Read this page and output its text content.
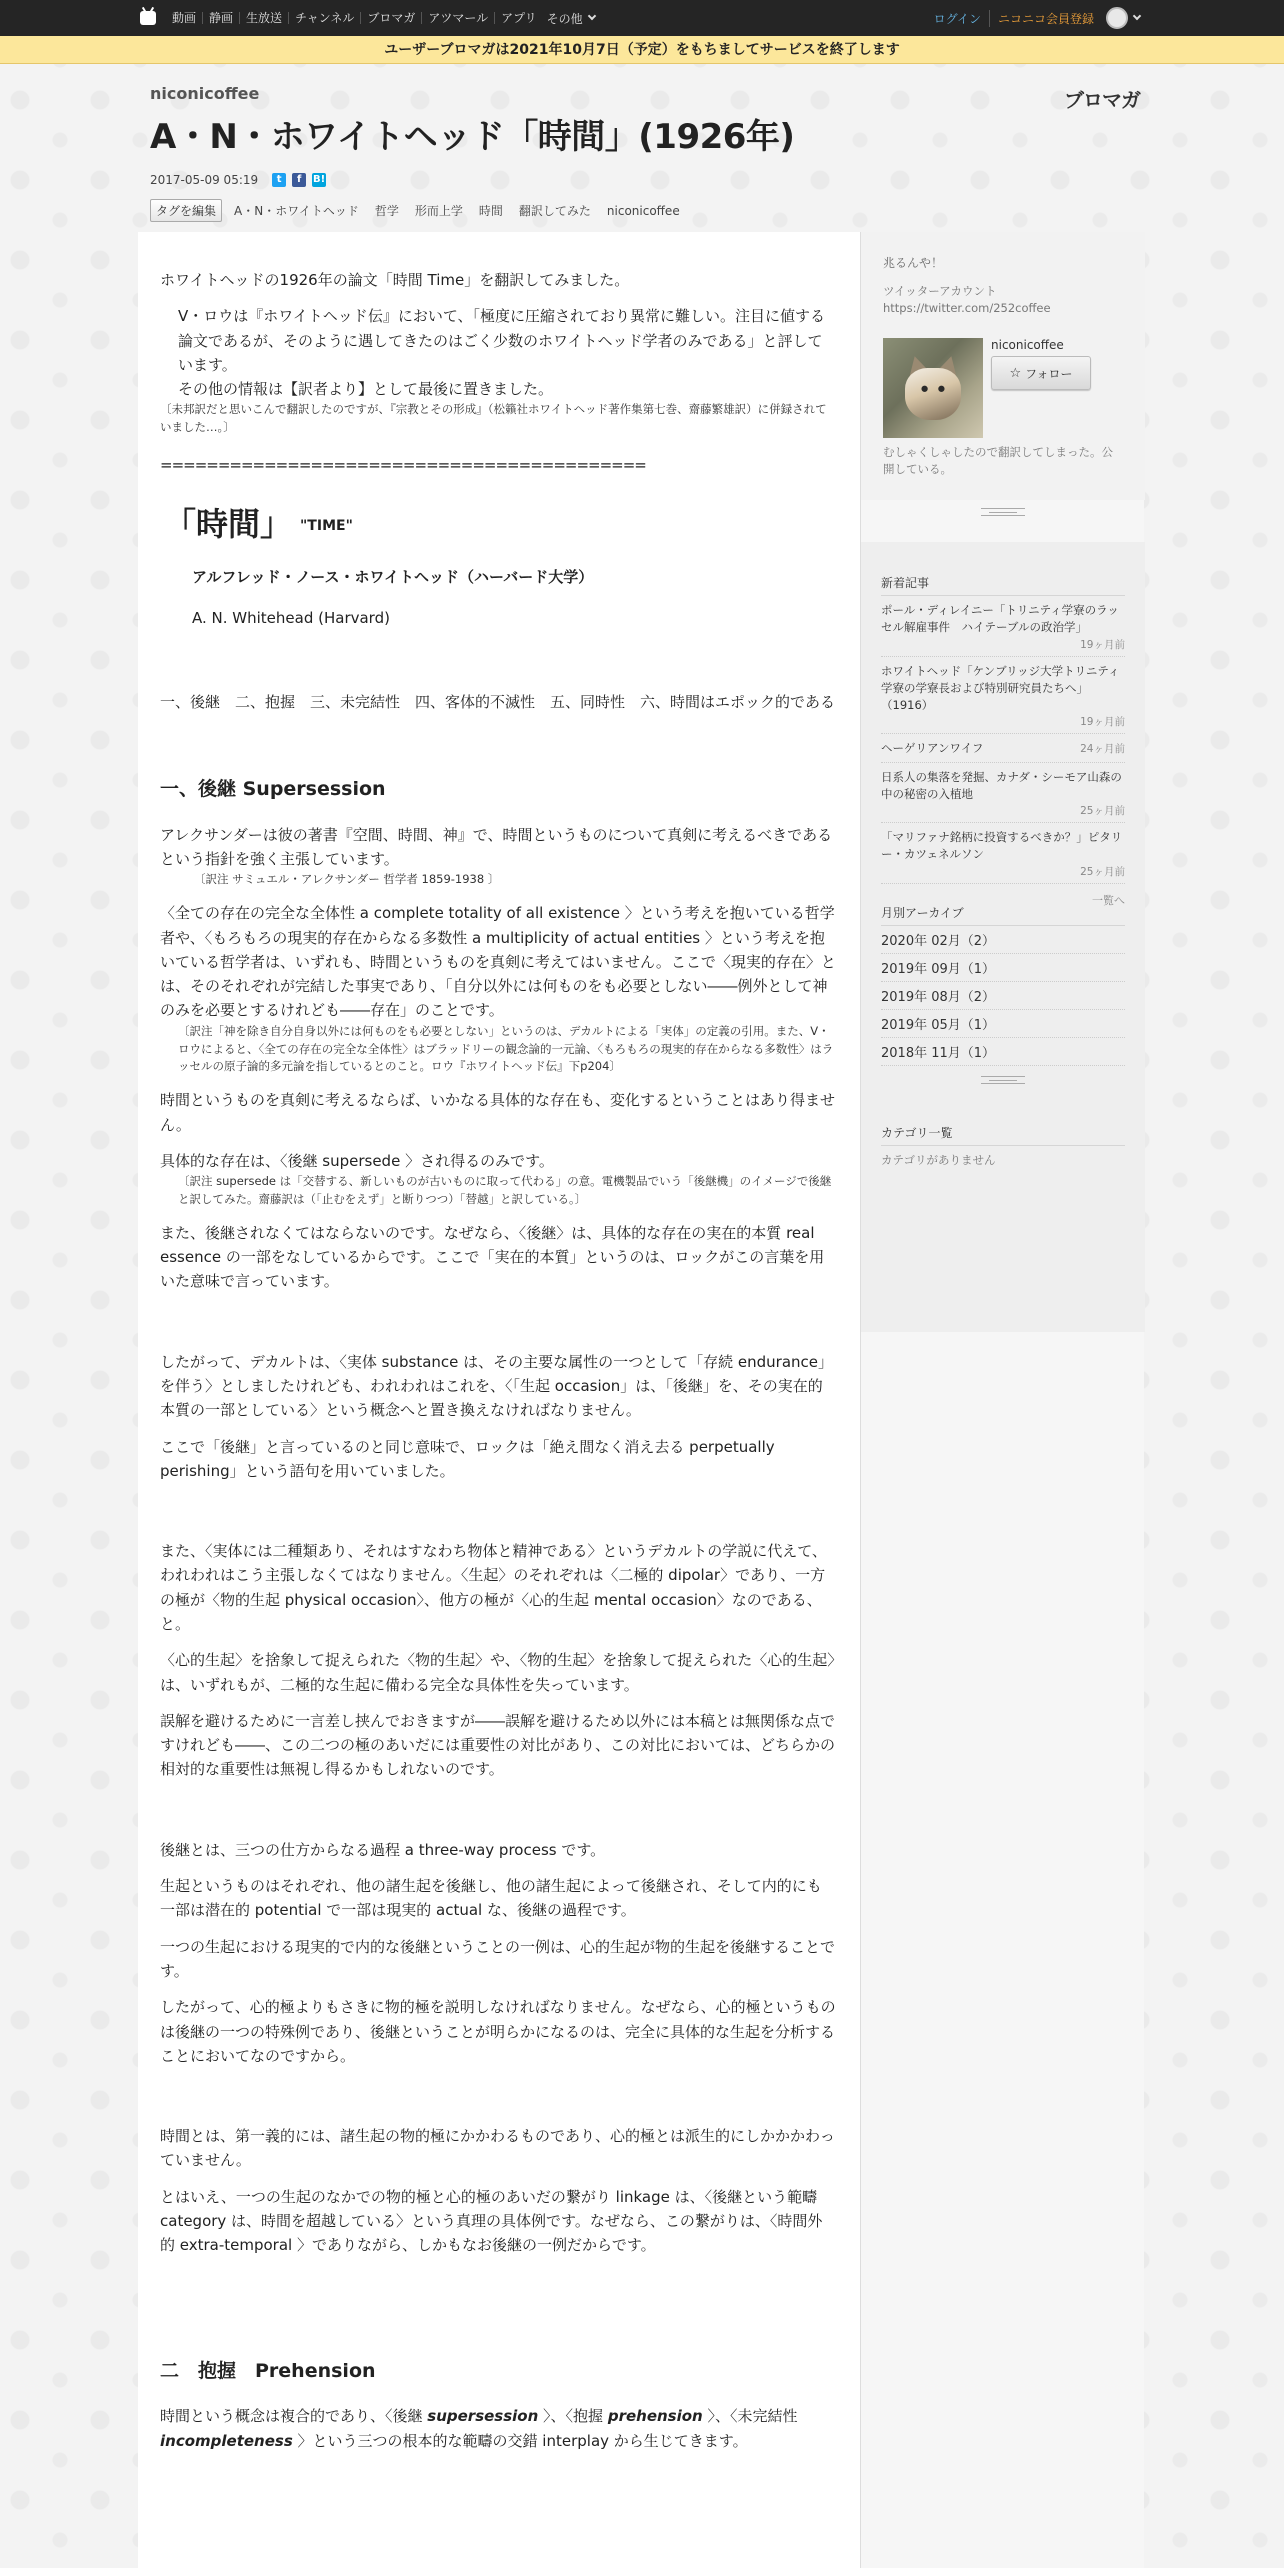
動画	静画	生放送	チャンネル	ブロマガ	アツマール	アプリ その他	ログイン	ニコニコ会員登録
ユーザーブロマガは2021年10月7日（予定）をもちましてサービスを終了します
niconicoffee
A・N・ホワイトヘッド「時間」(1926年)
ブロマガ
2017-05-09 05:19	t	f	B!
タグを編集	A・N・ホワイトヘッド 哲学 形而上学 時間 翻訳してみた niconicoffee

ホワイトヘッドの1926年の論文「時間 Time」を翻訳してみました。

V・ロウは『ホワイトヘッド伝』において、「極度に圧縮されており異常に難しい。注目に値する論文であるが、そのように遇してきたのはごく少数のホワイトヘッド学者のみである」と評しています。

その他の情報は【訳者より】として最後に置きました。

〔未邦訳だと思いこんで翻訳したのですが、『宗教とその形成』（松籟社ホワイトヘッド著作集第七巻、齋藤繁雄訳）に併録されていました…。〕

==========================================

「時間」 "TIME"

アルフレッド・ノース・ホワイトヘッド（ハーバード大学）

A. N. Whitehead (Harvard)

一、後継　二、抱握　三、未完結性　四、客体的不滅性　五、同時性　六、時間はエポック的である

一、後継 Supersession

アレクサンダーは彼の著書『空間、時間、神』で、時間というものについて真剣に考えるべきであるという指針を強く主張しています。

〔訳注 サミュエル・アレクサンダー 哲学者 1859-1938 〕

〈全ての存在の完全な全体性 a complete totality of all existence 〉という考えを抱いている哲学者や、〈もろもろの現実的存在からなる多数性 a multiplicity of actual entities 〉という考えを抱いている哲学者は、いずれも、時間というものを真剣に考えてはいません。ここで〈現実的存在〉とは、そのそれぞれが完結した事実であり、「自分以外には何ものをも必要としない――例外として神のみを必要とするけれども――存在」のことです。

〔訳注「神を除き自分自身以外には何ものをも必要としない」というのは、デカルトによる「実体」の定義の引用。また、V・ロウによると、〈全ての存在の完全な全体性〉はブラッドリーの観念論的一元論、〈もろもろの現実的存在からなる多数性〉はラッセルの原子論的多元論を指しているとのこと。ロウ『ホワイトヘッド伝』下p204〕

時間というものを真剣に考えるならば、いかなる具体的な存在も、変化するということはあり得ません。

具体的な存在は、〈後継 supersede 〉され得るのみです。

〔訳注 supersede は「交替する、新しいものが古いものに取って代わる」の意。電機製品でいう「後継機」のイメージで後継と訳してみた。齋藤訳は（「止むをえず」と断りつつ）「替越」と訳している。〕

また、後継されなくてはならないのです。なぜなら、〈後継〉は、具体的な存在の実在的本質 real essence の一部をなしているからです。ここで「実在的本質」というのは、ロックがこの言葉を用いた意味で言っています。

したがって、デカルトは、〈実体 substance は、その主要な属性の一つとして「存続 endurance」を伴う〉としましたけれども、われわれはこれを、〈「生起 occasion」は、「後継」を、その実在的本質の一部としている〉という概念へと置き換えなければなりません。

ここで「後継」と言っているのと同じ意味で、ロックは「絶え間なく消え去る perpetually perishing」という語句を用いていました。

また、〈実体には二種類あり、それはすなわち物体と精神である〉というデカルトの学説に代えて、われわれはこう主張しなくてはなりません。〈生起〉のそれぞれは〈二極的 dipolar〉であり、一方の極が〈物的生起 physical occasion〉、他方の極が〈心的生起 mental occasion〉なのである、と。

〈心的生起〉を捨象して捉えられた〈物的生起〉や、〈物的生起〉を捨象して捉えられた〈心的生起〉は、いずれもが、二極的な生起に備わる完全な具体性を失っています。

誤解を避けるために一言差し挟んでおきますが――誤解を避けるため以外には本稿とは無関係な点ですけれども――、この二つの極のあいだには重要性の対比があり、この対比においては、どちらかの相対的な重要性は無視し得るかもしれないのです。

後継とは、三つの仕方からなる過程 a three-way process です。

生起というものはそれぞれ、他の諸生起を後継し、他の諸生起によって後継され、そして内的にも一部は潜在的 potential で一部は現実的 actual な、後継の過程です。

一つの生起における現実的で内的な後継ということの一例は、心的生起が物的生起を後継することです。

したがって、心的極よりもさきに物的極を説明しなければなりません。なぜなら、心的極というものは後継の一つの特殊例であり、後継ということが明らかになるのは、完全に具体的な生起を分析することにおいてなのですから。

時間とは、第一義的には、諸生起の物的極にかかわるものであり、心的極とは派生的にしかかかわっていません。

とはいえ、一つの生起のなかでの物的極と心的極のあいだの繋がり linkage は、〈後継という範疇 category は、時間を超越している〉という真理の具体例です。なぜなら、この繋がりは、〈時間外的 extra-temporal 〉でありながら、しかもなお後継の一例だからです。

二　抱握　Prehension

時間という概念は複合的であり、〈後継 supersession 〉、〈抱握 prehension 〉、〈未完結性 incompleteness 〉という三つの根本的な範疇の交錯 interplay から生じてきます。

兆るんや！
ツイッターアカウント https://twitter.com/252coffee
niconicoffee
☆ フォロー
むしゃくしゃしたので翻訳してしまった。公開している。
新着記事
ポール・ディレイニー「トリニティ学寮のラッセル解雇事件　ハイテーブルの政治学」
19ヶ月前
ホワイトヘッド「ケンブリッジ大学トリニティ学寮の学寮長および特別研究員たちへ」（1916）
19ヶ月前
ヘーゲリアンワイフ	24ヶ月前
日系人の集落を発掘、カナダ・シーモア山森の中の秘密の入植地
25ヶ月前
「マリファナ銘柄に投資するべきか？」ピタリー・カツェネルソン
25ヶ月前
一覧へ
月別アーカイブ
2020年 02月（2）
2019年 09月（1）
2019年 08月（2）
2019年 05月（1）
2018年 11月（1）
カテゴリ一覧
カテゴリがありません
